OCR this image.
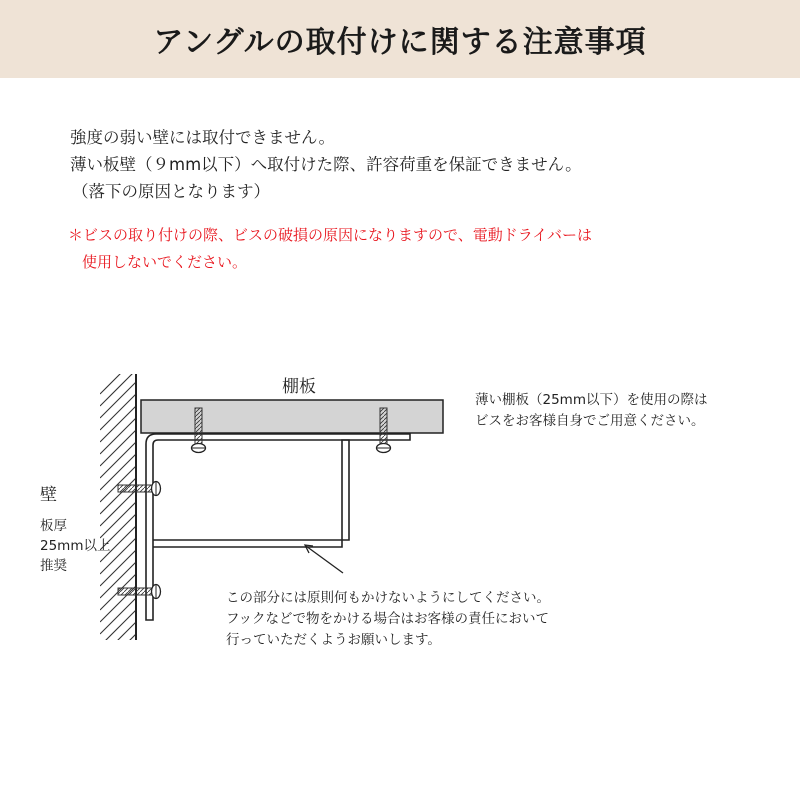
アングルの取付けに関する注意事項
強度の弱い壁には取付できません。
薄い板壁（９mm以下）へ取付けた際、許容荷重を保証できません。
（落下の原因となります）
＊ビスの取り付けの際、ビスの破損の原因になりますので、電動ドライバーは
使用しないでください。
棚板
壁
板厚
25mm以上
推奨
薄い棚板（25mm以下）を使用の際は
ビスをお客様自身でご用意ください。
この部分には原則何もかけないようにしてください。
フックなどで物をかける場合はお客様の責任において
行っていただくようお願いします。
